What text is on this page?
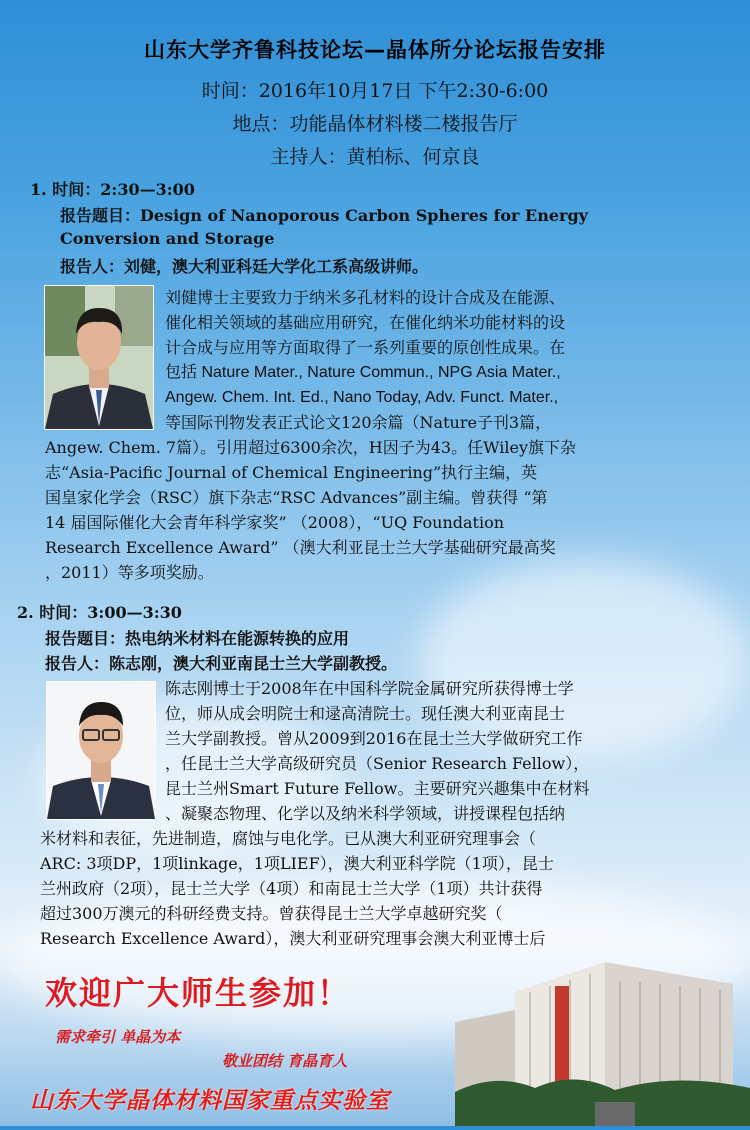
山东大学齐鲁科技论坛—晶体所分论坛报告安排
时间：2016年10月17日 下午2:30-6:00
地点：功能晶体材料楼二楼报告厅
主持人：黄柏标、何京良
1. 时间：2:30—3:00
报告题目：Design of Nanoporous Carbon Spheres for Energy
Conversion and Storage
报告人：刘健，澳大利亚科廷大学化工系高级讲师。
刘健博士主要致力于纳米多孔材料的设计合成及在能源、
催化相关领域的基础应用研究，在催化纳米功能材料的设
计合成与应用等方面取得了一系列重要的原创性成果。在
包括 Nature Mater., Nature Commun., NPG Asia Mater.,
Angew. Chem. Int. Ed., Nano Today, Adv. Funct. Mater.,
等国际刊物发表正式论文120余篇（Nature子刊3篇，
Angew. Chem. 7篇）。引用超过6300余次，H因子为43。任Wiley旗下杂
志“Asia-Pacific Journal of Chemical Engineering”执行主编，英
国皇家化学会（RSC）旗下杂志“RSC Advances”副主编。曾获得 “第
14 届国际催化大会青年科学家奖” （2008），“UQ Foundation
Research Excellence Award” （澳大利亚昆士兰大学基础研究最高奖
，2011）等多项奖励。
2. 时间：3:00—3:30
报告题目：热电纳米材料在能源转换的应用
报告人：陈志刚，澳大利亚南昆士兰大学副教授。
陈志刚博士于2008年在中国科学院金属研究所获得博士学
位，师从成会明院士和逯高清院士。现任澳大利亚南昆士
兰大学副教授。曾从2009到2016在昆士兰大学做研究工作
，任昆士兰大学高级研究员（Senior Research Fellow），
昆士兰州Smart Future Fellow。主要研究兴趣集中在材料
、凝聚态物理、化学以及纳米科学领域，讲授课程包括纳
米材料和表征，先进制造，腐蚀与电化学。已从澳大利亚研究理事会（
ARC: 3项DP，1项linkage，1项LIEF），澳大利亚科学院（1项），昆士
兰州政府（2项），昆士兰大学（4项）和南昆士兰大学（1项）共计获得
超过300万澳元的科研经费支持。曾获得昆士兰大学卓越研究奖（
Research Excellence Award），澳大利亚研究理事会澳大利亚博士后
欢迎广大师生参加！
需求牵引 单晶为本
敬业团结 育晶育人
山东大学晶体材料国家重点实验室
